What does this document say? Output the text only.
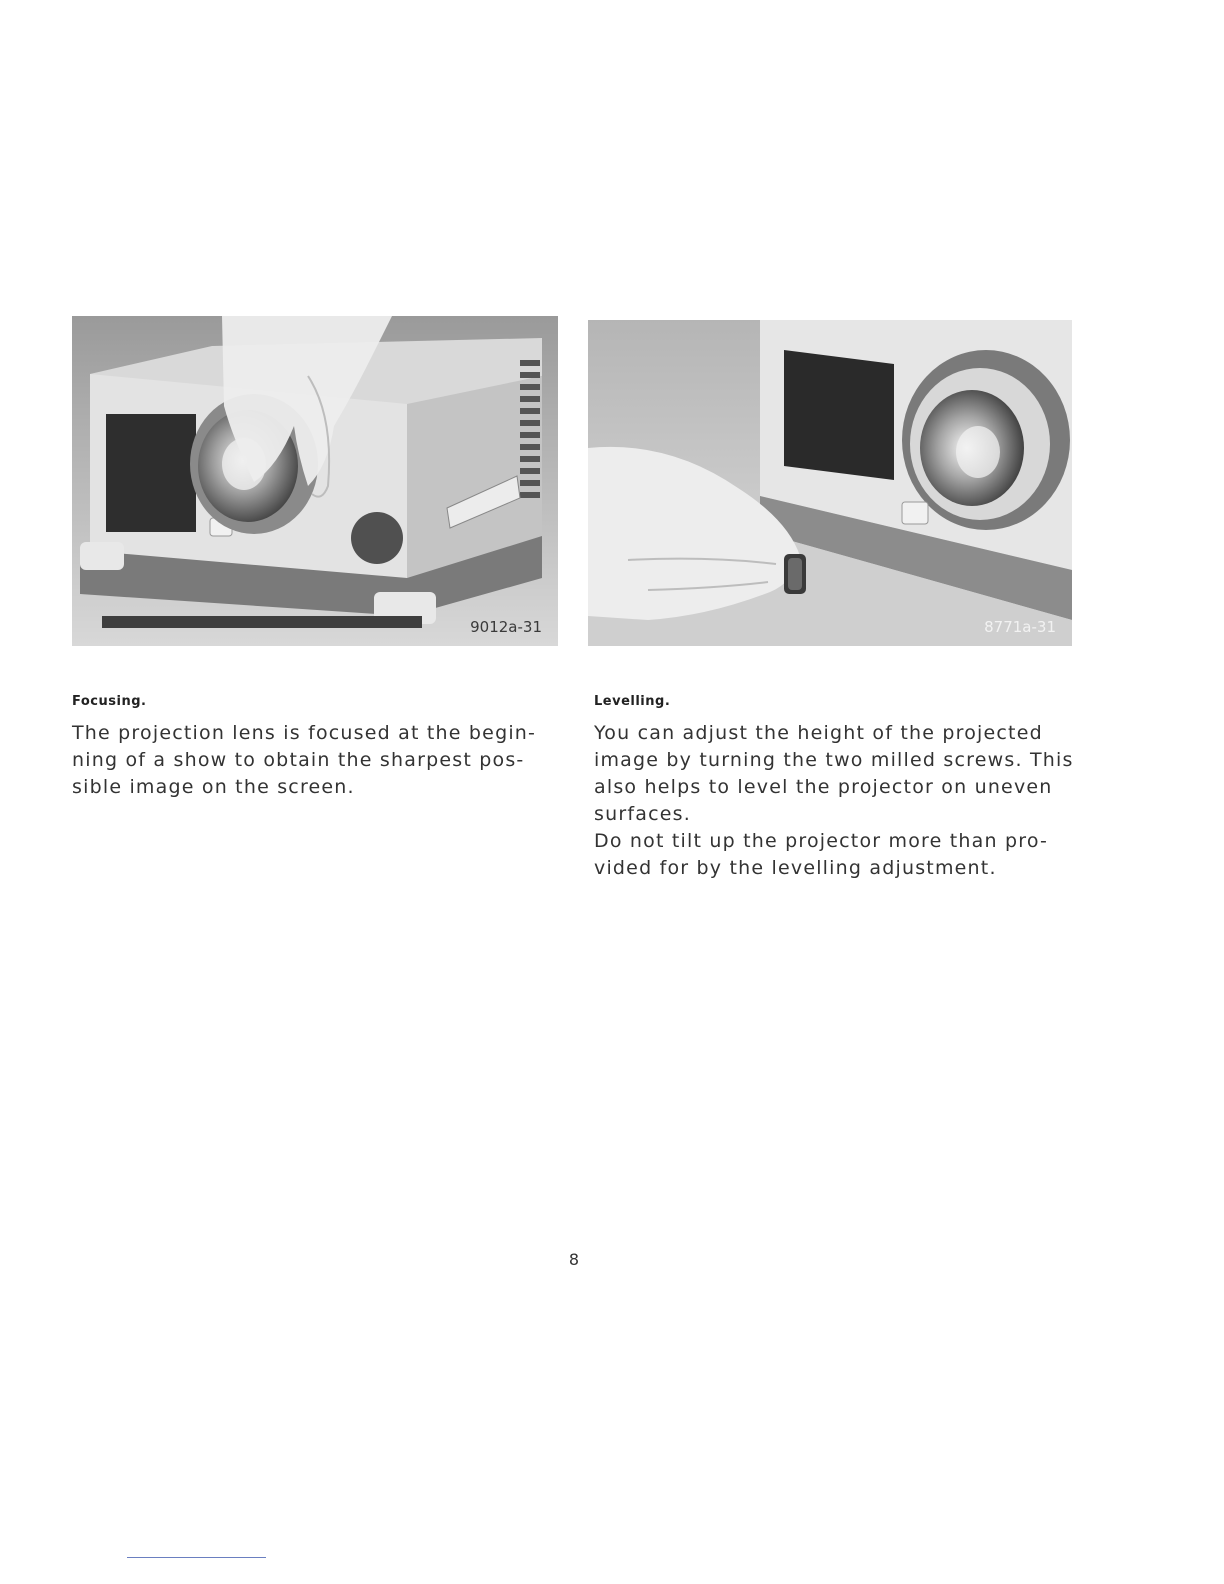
9012a-31	8771a-31
Focusing.

The projection lens is focused at the begin-
ning of a show to obtain the sharpest pos-
sible image on the screen.

Levelling.

You can adjust the height of the projected
image by turning the two milled screws. This
also helps to level the projector on uneven
surfaces.
Do not tilt up the projector more than pro-
vided for by the levelling adjustment.

8
